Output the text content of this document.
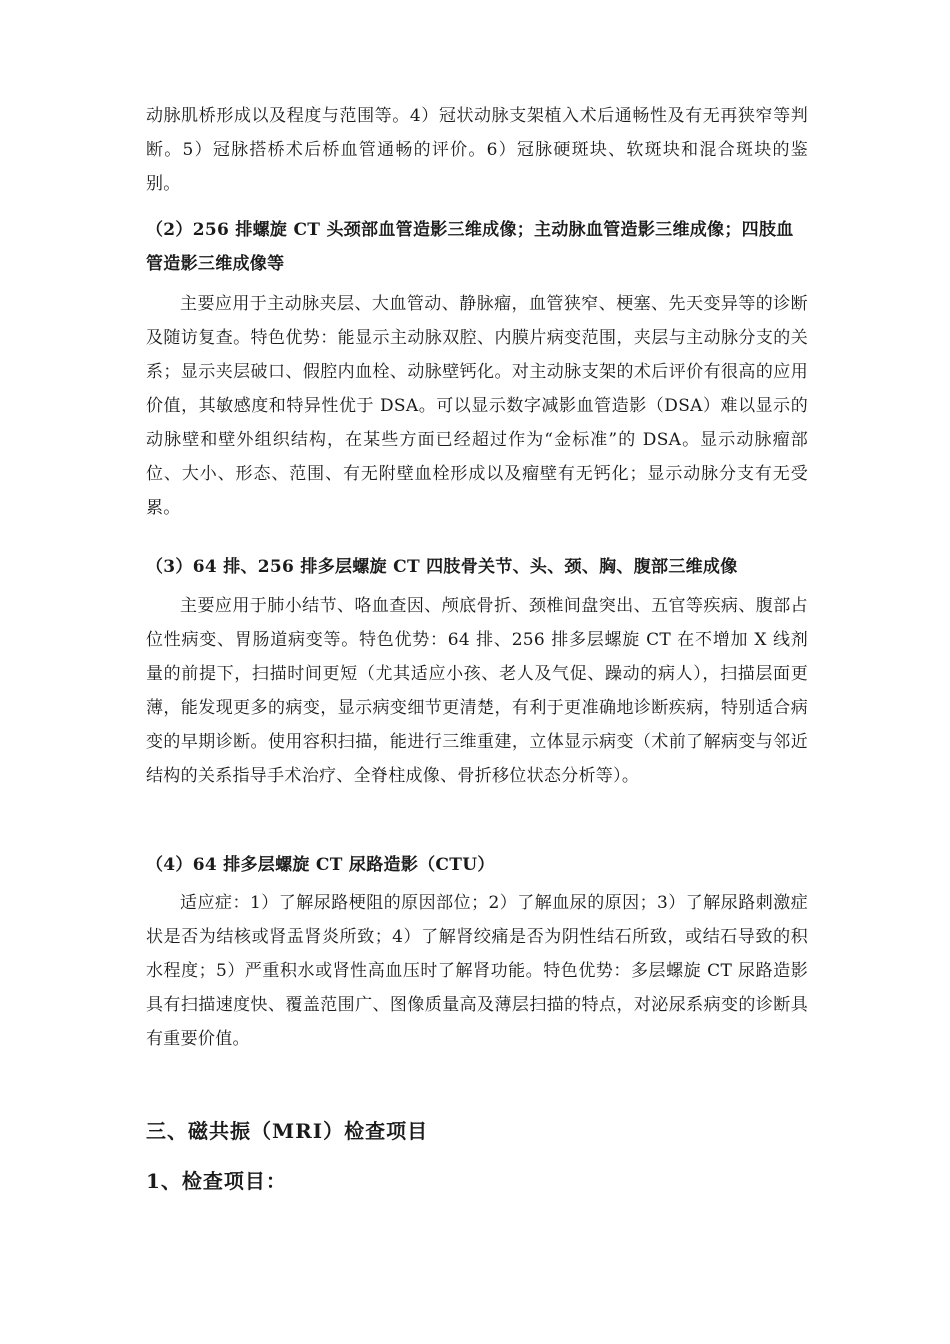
动脉肌桥形成以及程度与范围等。4）冠状动脉支架植入术后通畅性及有无再狭窄等判断。5）冠脉搭桥术后桥血管通畅的评价。6）冠脉硬斑块、软斑块和混合斑块的鉴别。
（2）256 排螺旋 CT 头颈部血管造影三维成像；主动脉血管造影三维成像；四肢血管造影三维成像等
主要应用于主动脉夹层、大血管动、静脉瘤，血管狭窄、梗塞、先天变异等的诊断及随访复查。特色优势：能显示主动脉双腔、内膜片病变范围，夹层与主动脉分支的关系；显示夹层破口、假腔内血栓、动脉壁钙化。对主动脉支架的术后评价有很高的应用价值，其敏感度和特异性优于 DSA。可以显示数字减影血管造影（DSA）难以显示的动脉壁和壁外组织结构，在某些方面已经超过作为“金标准”的 DSA。显示动脉瘤部位、大小、形态、范围、有无附壁血栓形成以及瘤壁有无钙化；显示动脉分支有无受累。
（3）64 排、256 排多层螺旋 CT 四肢骨关节、头、颈、胸、腹部三维成像
主要应用于肺小结节、咯血查因、颅底骨折、颈椎间盘突出、五官等疾病、腹部占位性病变、胃肠道病变等。特色优势：64 排、256 排多层螺旋 CT 在不增加 X 线剂量的前提下，扫描时间更短（尤其适应小孩、老人及气促、躁动的病人），扫描层面更薄，能发现更多的病变，显示病变细节更清楚，有利于更准确地诊断疾病，特别适合病变的早期诊断。使用容积扫描，能进行三维重建，立体显示病变（术前了解病变与邻近结构的关系指导手术治疗、全脊柱成像、骨折移位状态分析等）。
（4）64 排多层螺旋 CT 尿路造影（CTU）
适应症：1）了解尿路梗阻的原因部位；2）了解血尿的原因；3）了解尿路刺激症状是否为结核或肾盂肾炎所致；4）了解肾绞痛是否为阴性结石所致，或结石导致的积水程度；5）严重积水或肾性高血压时了解肾功能。特色优势：多层螺旋 CT 尿路造影具有扫描速度快、覆盖范围广、图像质量高及薄层扫描的特点，对泌尿系病变的诊断具有重要价值。
三、磁共振（MRI）检查项目
1、检查项目：
